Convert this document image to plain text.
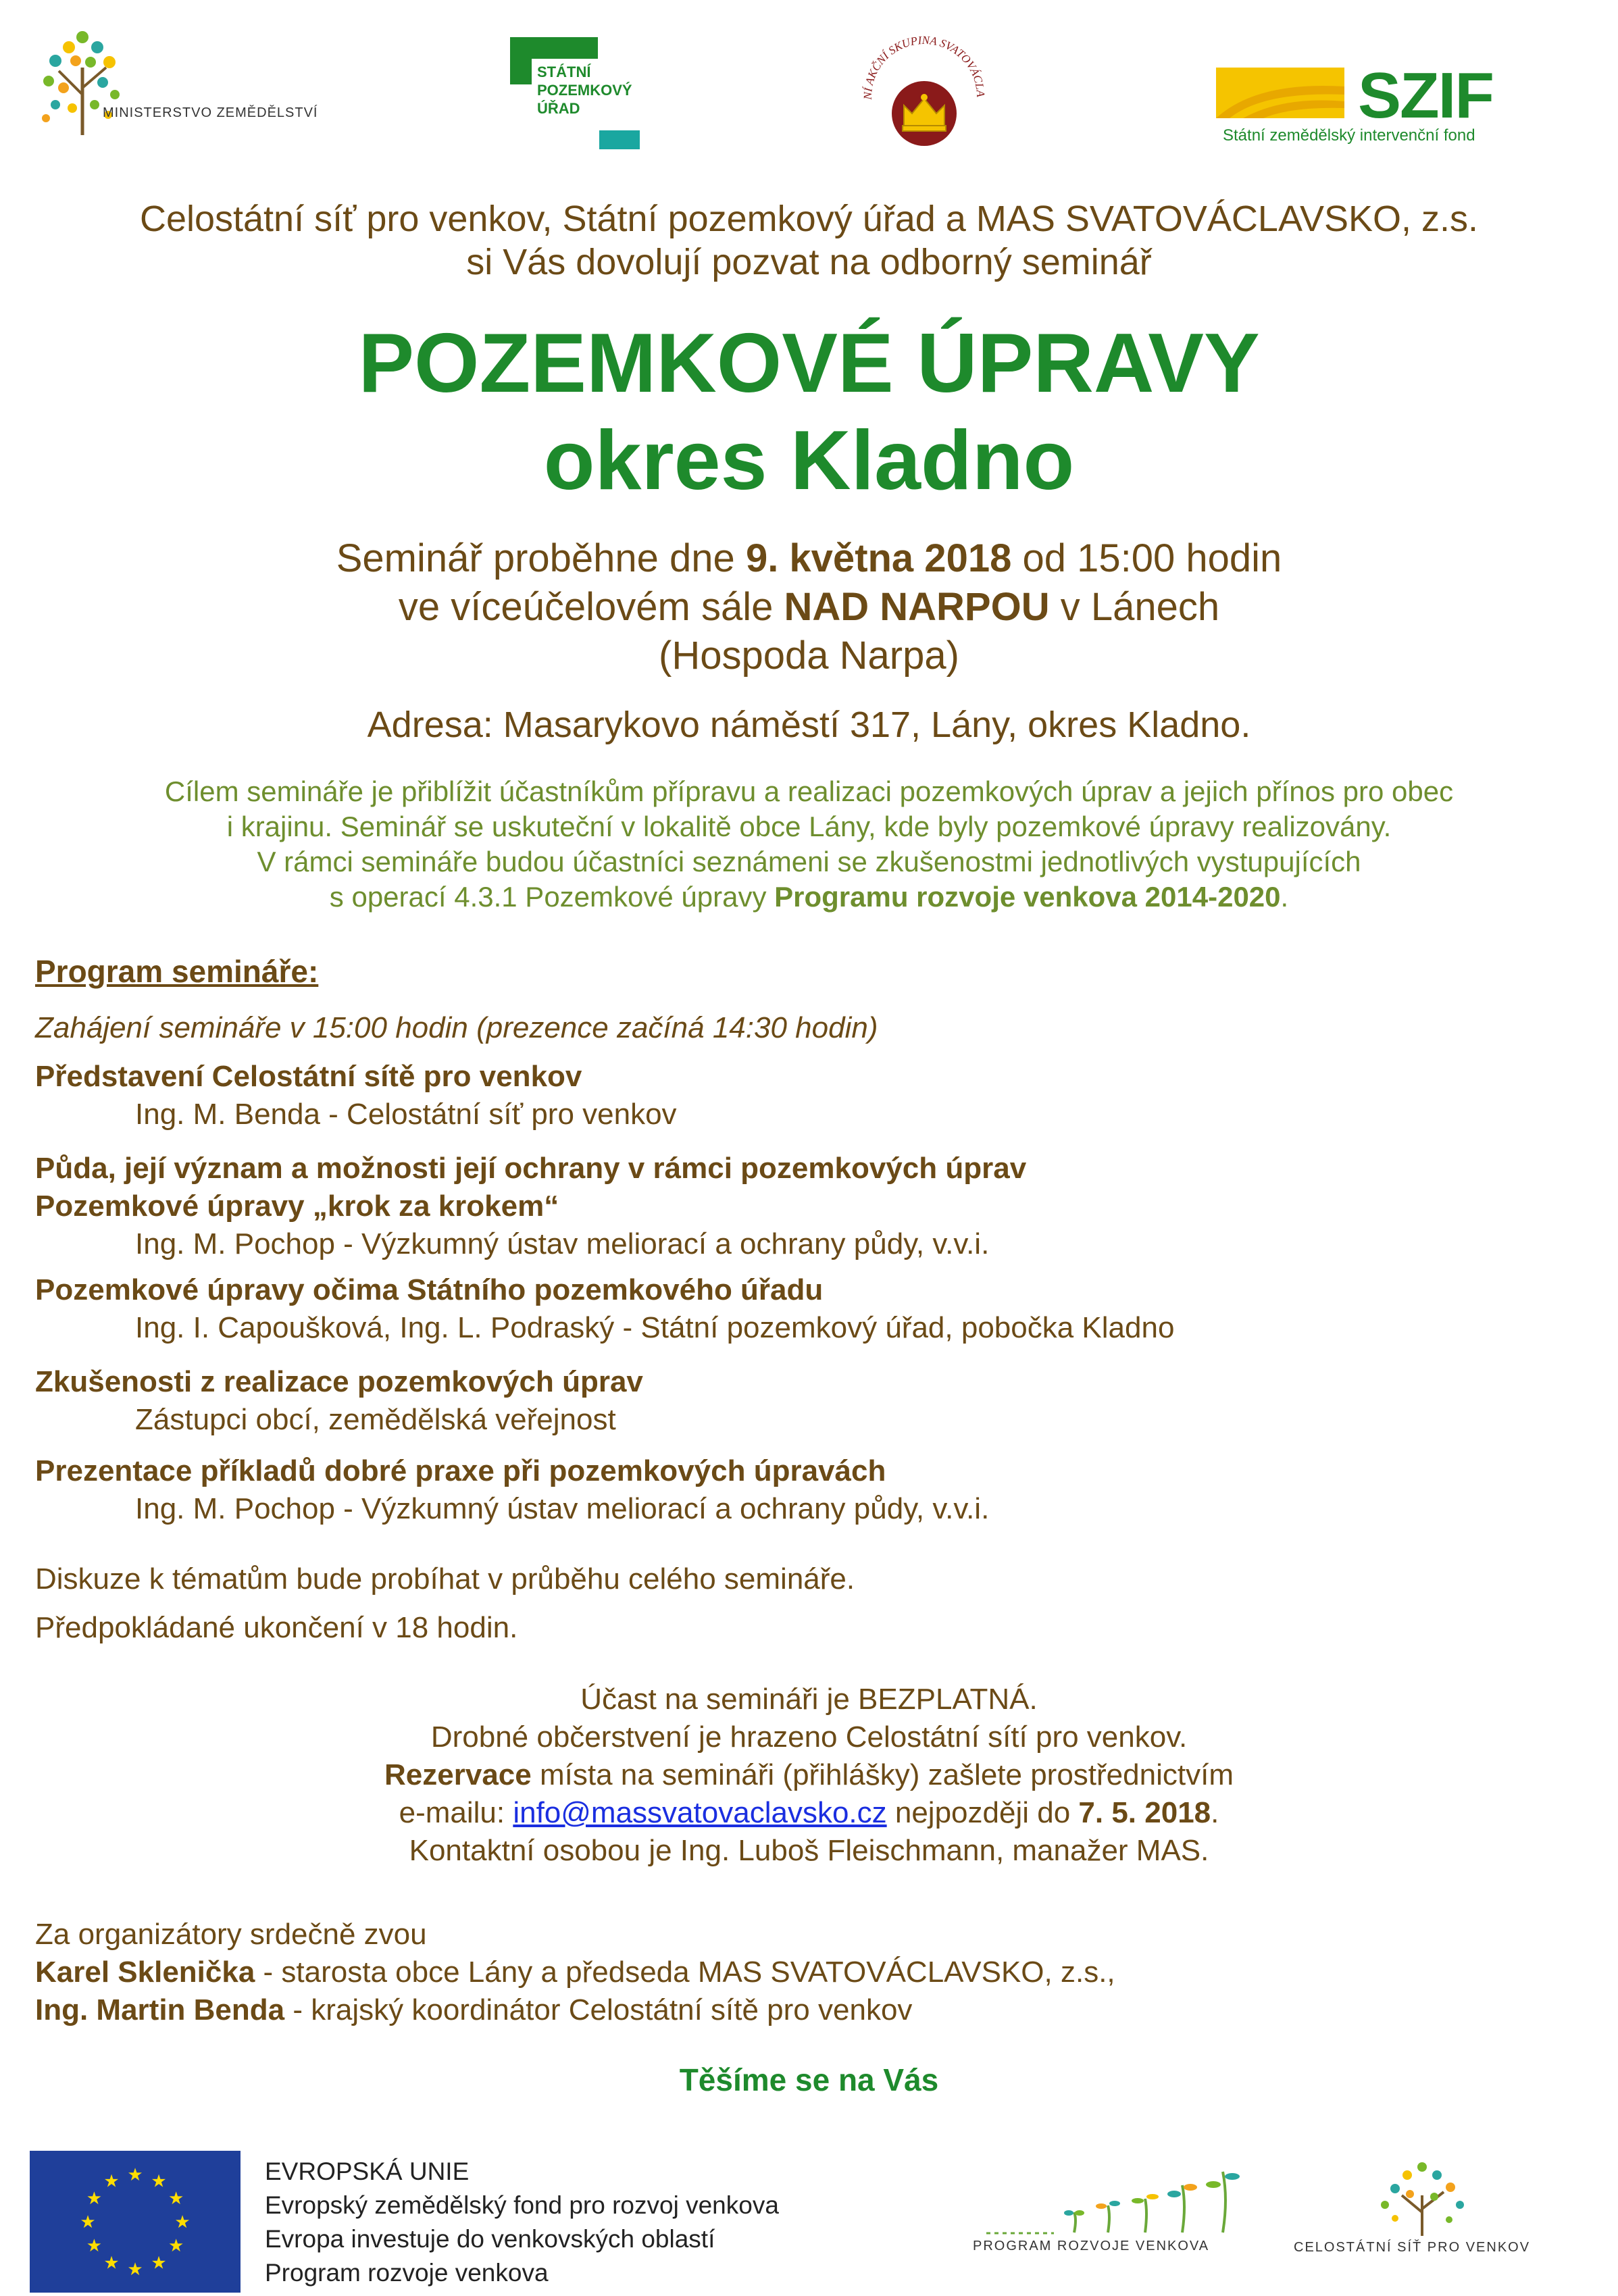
MINISTERSTVO ZEMĚDĚLSTVÍ
STÁTNÍ
POZEMKOVÝ
ÚŘAD
NÍ AKČNÍ SKUPINA SVATOVÁCLA	SZIF
Státní zemědělský intervenční fond
Celostátní síť pro venkov, Státní pozemkový úřad a MAS SVATOVÁCLAVSKO, z.s.
si Vás dovolují pozvat na odborný seminář
POZEMKOVÉ ÚPRAVY
okres Kladno
Seminář proběhne dne 9. května 2018 od 15:00 hodin
ve víceúčelovém sále NAD NARPOU v Lánech
(Hospoda Narpa)
Adresa: Masarykovo náměstí 317, Lány, okres Kladno.
Cílem semináře je přiblížit účastníkům přípravu a realizaci pozemkových úprav a jejich přínos pro obec
i krajinu. Seminář se uskuteční v lokalitě obce Lány, kde byly pozemkové úpravy realizovány.
V rámci semináře budou účastníci seznámeni se zkušenostmi jednotlivých vystupujících
s operací 4.3.1 Pozemkové úpravy Programu rozvoje venkova 2014-2020.
Program semináře:
Zahájení semináře v 15:00 hodin (prezence začíná 14:30 hodin)
Představení Celostátní sítě pro venkov
Ing. M. Benda - Celostátní síť pro venkov
Půda, její význam a možnosti její ochrany v rámci pozemkových úprav
Pozemkové úpravy „krok za krokem“
Ing. M. Pochop - Výzkumný ústav meliorací a ochrany půdy, v.v.i.
Pozemkové úpravy očima Státního pozemkového úřadu
Ing. I. Capoušková, Ing. L. Podraský - Státní pozemkový úřad, pobočka Kladno
Zkušenosti z realizace pozemkových úprav
Zástupci obcí, zemědělská veřejnost
Prezentace příkladů dobré praxe při pozemkových úpravách
Ing. M. Pochop - Výzkumný ústav meliorací a ochrany půdy, v.v.i.
Diskuze k tématům bude probíhat v průběhu celého semináře.
Předpokládané ukončení v 18 hodin.
Účast na semináři je BEZPLATNÁ.
Drobné občerstvení je hrazeno Celostátní sítí pro venkov.
Rezervace místa na semináři (přihlášky) zašlete prostřednictvím
e-mailu: info@massvatovaclavsko.cz nejpozději do 7. 5. 2018.
Kontaktní osobou je Ing. Luboš Fleischmann, manažer MAS.
Za organizátory srdečně zvou
Karel Sklenička - starosta obce Lány a předseda MAS SVATOVÁCLAVSKO, z.s.,
Ing. Martin Benda - krajský koordinátor Celostátní sítě pro venkov
Těšíme se na Vás
★ ★
★
★
★
★
★
★
★
★
★
★	EVROPSKÁ UNIE
Evropský zemědělský fond pro rozvoj venkova
Evropa investuje do venkovských oblastí
Program rozvoje venkova
PROGRAM ROZVOJE VENKOVA	CELOSTÁTNÍ SÍŤ PRO VENKOV
